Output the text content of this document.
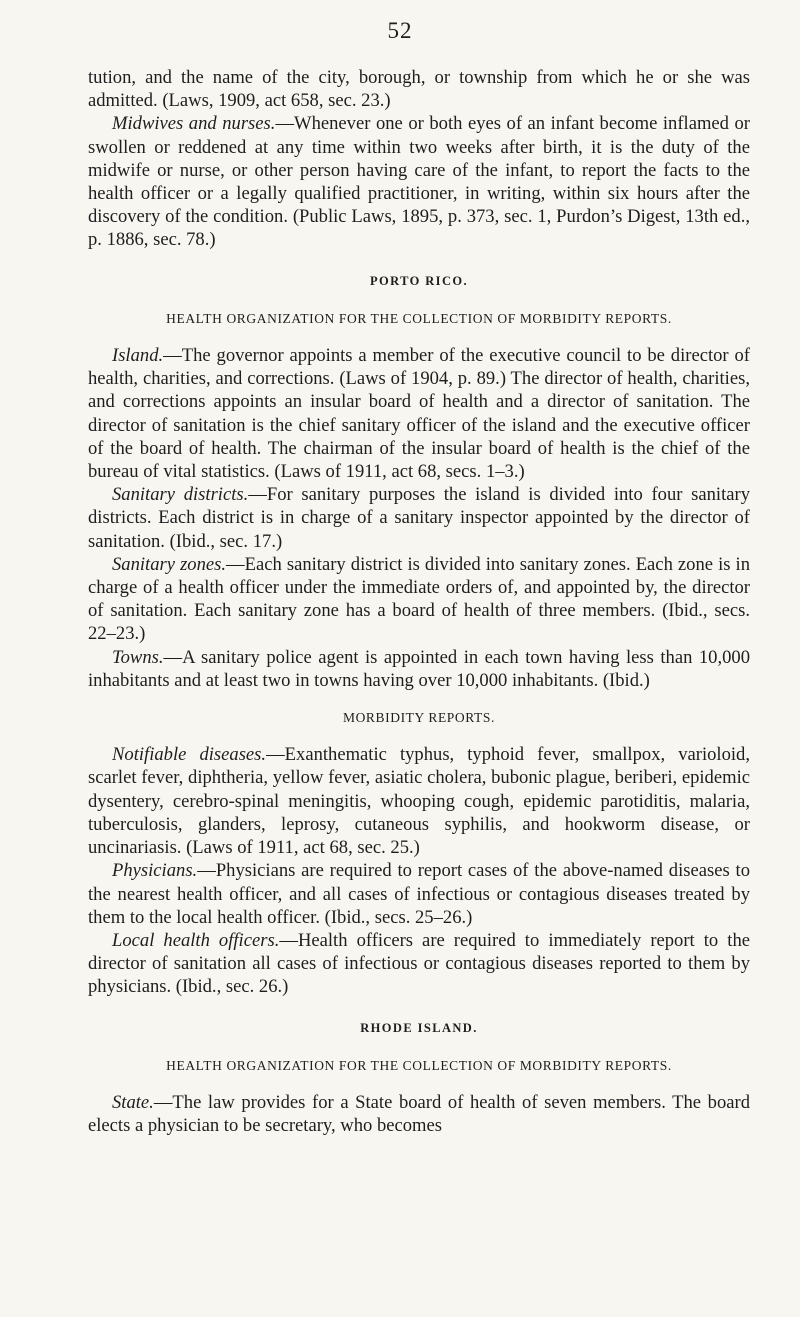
52

tution, and the name of the city, borough, or township from which he or she was admitted. (Laws, 1909, act 658, sec. 23.)

Midwives and nurses.—Whenever one or both eyes of an infant become inflamed or swollen or reddened at any time within two weeks after birth, it is the duty of the midwife or nurse, or other person having care of the infant, to report the facts to the health officer or a legally qualified practitioner, in writing, within six hours after the discovery of the condition. (Public Laws, 1895, p. 373, sec. 1, Purdon’s Digest, 13th ed., p. 1886, sec. 78.)

PORTO RICO.
HEALTH ORGANIZATION FOR THE COLLECTION OF MORBIDITY REPORTS.

Island.—The governor appoints a member of the executive council to be director of health, charities, and corrections. (Laws of 1904, p. 89.) The director of health, charities, and corrections appoints an insular board of health and a director of sanitation. The director of sanitation is the chief sanitary officer of the island and the executive officer of the board of health. The chairman of the insular board of health is the chief of the bureau of vital statistics. (Laws of 1911, act 68, secs. 1–3.)

Sanitary districts.—For sanitary purposes the island is divided into four sanitary districts. Each district is in charge of a sanitary inspector appointed by the director of sanitation. (Ibid., sec. 17.)

Sanitary zones.—Each sanitary district is divided into sanitary zones. Each zone is in charge of a health officer under the immediate orders of, and appointed by, the director of sanitation. Each sanitary zone has a board of health of three members. (Ibid., secs. 22–23.)

Towns.—A sanitary police agent is appointed in each town having less than 10,000 inhabitants and at least two in towns having over 10,000 inhabitants. (Ibid.)

MORBIDITY REPORTS.

Notifiable diseases.—Exanthematic typhus, typhoid fever, smallpox, varioloid, scarlet fever, diphtheria, yellow fever, asiatic cholera, bubonic plague, beriberi, epidemic dysentery, cerebro-spinal meningitis, whooping cough, epidemic parotiditis, malaria, tuberculosis, glanders, leprosy, cutaneous syphilis, and hookworm disease, or uncinariasis. (Laws of 1911, act 68, sec. 25.)

Physicians.—Physicians are required to report cases of the above-named diseases to the nearest health officer, and all cases of infectious or contagious diseases treated by them to the local health officer. (Ibid., secs. 25–26.)

Local health officers.—Health officers are required to immediately report to the director of sanitation all cases of infectious or contagious diseases reported to them by physicians. (Ibid., sec. 26.)

RHODE ISLAND.
HEALTH ORGANIZATION FOR THE COLLECTION OF MORBIDITY REPORTS.

State.—The law provides for a State board of health of seven members. The board elects a physician to be secretary, who becomes
